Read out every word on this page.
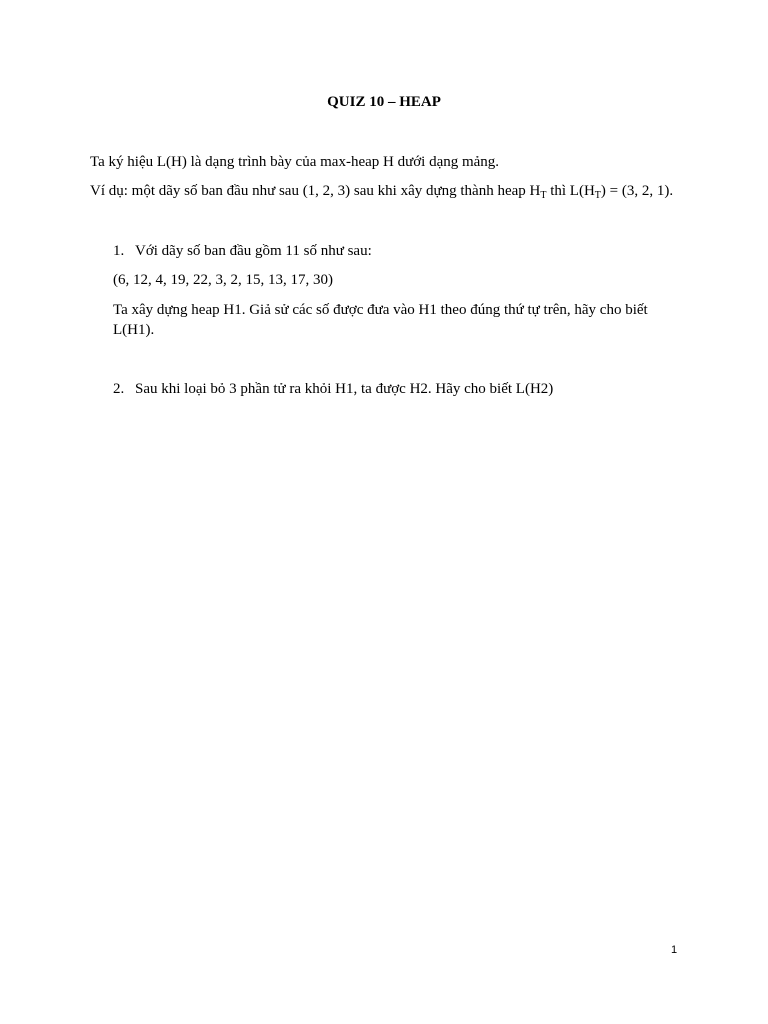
QUIZ 10 – HEAP
Ta ký hiệu L(H) là dạng trình bày của max-heap H dưới dạng mảng.
Ví dụ: một dãy số ban đầu như sau (1, 2, 3) sau khi xây dựng thành heap $H_T$ thì $L(H_T) = (3$, 2, 1).
1. Với dãy số ban đầu gồm 11 số như sau:
(6, 12, 4, 19, 22, 3, 2, 15, 13, 17, 30)
Ta xây dựng heap H1. Giả sử các số được đưa vào H1 theo đúng thứ tự trên, hãy cho biết L(H1).
2. Sau khi loại bỏ 3 phần tử ra khỏi H1, ta được H2. Hãy cho biết L(H2)
1
